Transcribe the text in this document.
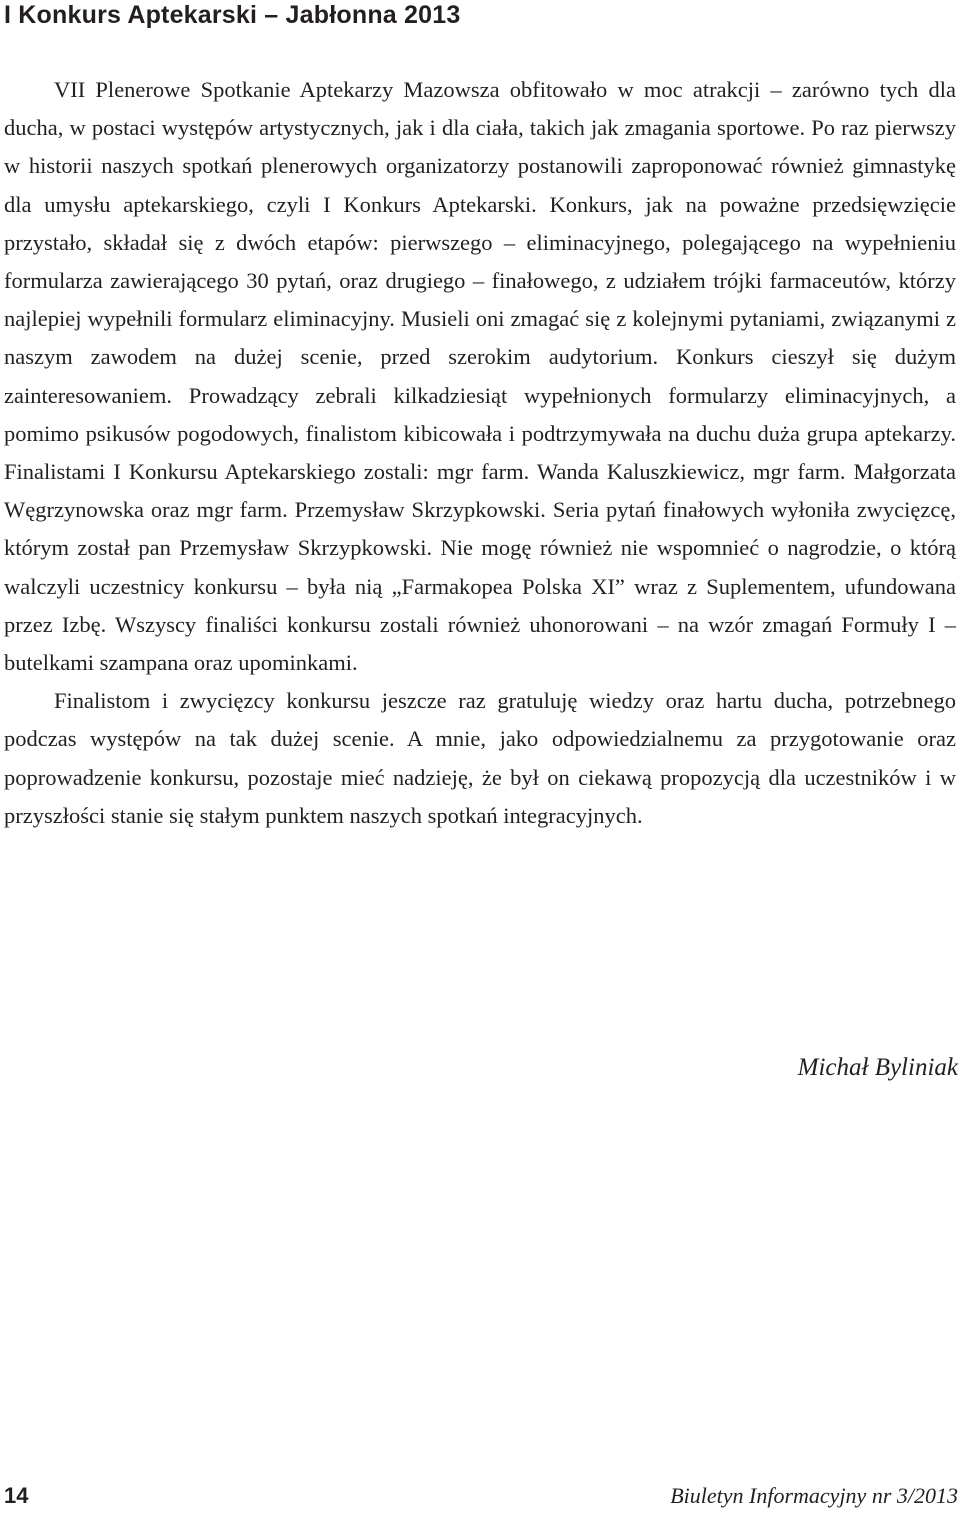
I Konkurs Aptekarski – Jabłonna 2013

VII Plenerowe Spotkanie Aptekarzy Mazowsza obfitowało w moc atrakcji – zarówno tych dla ducha, w postaci występów artystycznych, jak i dla ciała, takich jak zmagania sportowe. Po raz pierwszy w historii naszych spotkań plenerowych organizatorzy postanowili zaproponować również gimnastykę dla umysłu aptekarskiego, czyli I Konkurs Aptekarski. Konkurs, jak na poważne przedsięwzięcie przystało, składał się z dwóch etapów: pierwszego – eliminacyjnego, polegającego na wypełnieniu formularza zawierającego 30 pytań, oraz drugiego – finałowego, z udziałem trójki farmaceutów, którzy najlepiej wypełnili formularz eliminacyjny. Musieli oni zmagać się z kolejnymi pytaniami, związanymi z naszym zawodem na dużej scenie, przed szerokim audytorium. Konkurs cieszył się dużym zainteresowaniem. Prowadzący zebrali kilkadziesiąt wypełnionych formularzy eliminacyjnych, a pomimo psikusów pogodowych, finalistom kibicowała i podtrzymywała na duchu duża grupa aptekarzy. Finalistami I Konkursu Aptekarskiego zostali: mgr farm. Wanda Kaluszkiewicz, mgr farm. Małgorzata Węgrzynowska oraz mgr farm. Przemysław Skrzypkowski. Seria pytań finałowych wyłoniła zwycięzcę, którym został pan Przemysław Skrzypkowski. Nie mogę również nie wspomnieć o nagrodzie, o którą walczyli uczestnicy konkursu – była nią „Farmakopea Polska XI” wraz z Suplementem, ufundowana przez Izbę. Wszyscy finaliści konkursu zostali również uhonorowani – na wzór zmagań Formuły I – butelkami szampana oraz upominkami.

Finalistom i zwycięzcy konkursu jeszcze raz gratuluję wiedzy oraz hartu ducha, potrzebnego podczas występów na tak dużej scenie. A mnie, jako odpowiedzialnemu za przygotowanie oraz poprowadzenie konkursu, pozostaje mieć nadzieję, że był on ciekawą propozycją dla uczestników i w przyszłości stanie się stałym punktem naszych spotkań integracyjnych.

Michał Byliniak

14	Biuletyn Informacyjny nr 3/2013
